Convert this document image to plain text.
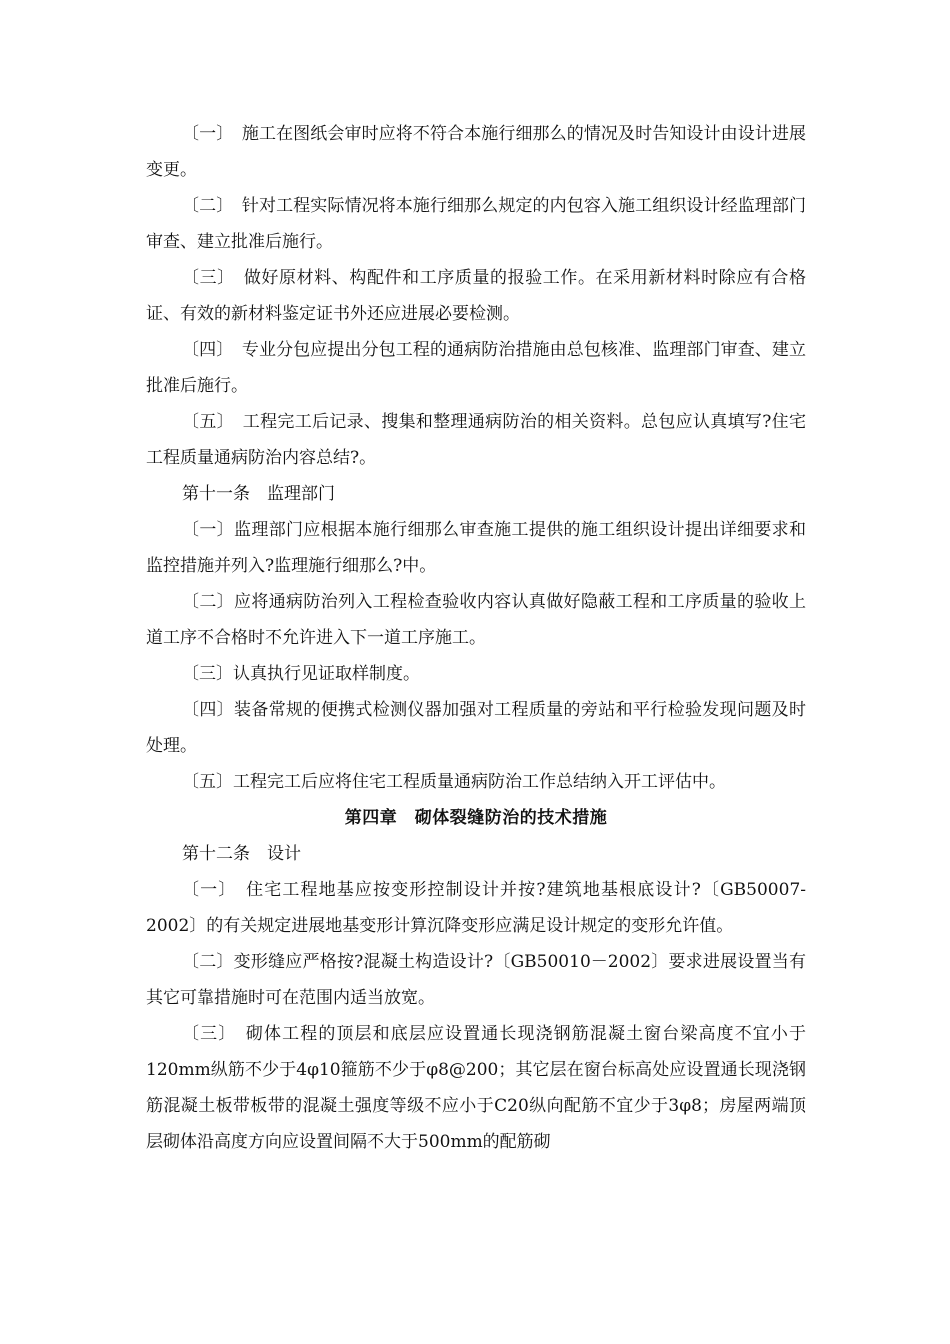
〔一〕　施工在图纸会审时应将不符合本施行细那么的情况及时告知设计由设计进展变更。

〔二〕　针对工程实际情况将本施行细那么规定的内包容入施工组织设计经监理部门审查、建立批准后施行。

〔三〕　做好原材料、构配件和工序质量的报验工作。在采用新材料时除应有合格证、有效的新材料鉴定证书外还应进展必要检测。

〔四〕　专业分包应提出分包工程的通病防治措施由总包核准、监理部门审查、建立批准后施行。

〔五〕　工程完工后记录、搜集和整理通病防治的相关资料。总包应认真填写?住宅工程质量通病防治内容总结?。

第十一条　监理部门

〔一〕监理部门应根据本施行细那么审查施工提供的施工组织设计提出详细要求和监控措施并列入?监理施行细那么?中。

〔二〕应将通病防治列入工程检查验收内容认真做好隐蔽工程和工序质量的验收上道工序不合格时不允许进入下一道工序施工。

〔三〕认真执行见证取样制度。

〔四〕装备常规的便携式检测仪器加强对工程质量的旁站和平行检验发现问题及时处理。

〔五〕工程完工后应将住宅工程质量通病防治工作总结纳入开工评估中。

第四章　砌体裂缝防治的技术措施

第十二条　设计

〔一〕　住宅工程地基应按变形控制设计并按?建筑地基根底设计?〔GB50007-2002〕的有关规定进展地基变形计算沉降变形应满足设计规定的变形允许值。

〔二〕变形缝应严格按?混凝土构造设计?〔GB50010－2002〕要求进展设置当有其它可靠措施时可在范围内适当放宽。

〔三〕　砌体工程的顶层和底层应设置通长现浇钢筋混凝土窗台梁高度不宜小于120mm纵筋不少于4φ10箍筋不少于φ8@200；其它层在窗台标高处应设置通长现浇钢筋混凝土板带板带的混凝土强度等级不应小于C20纵向配筋不宜少于3φ8；房屋两端顶层砌体沿高度方向应设置间隔不大于500mm的配筋砌
